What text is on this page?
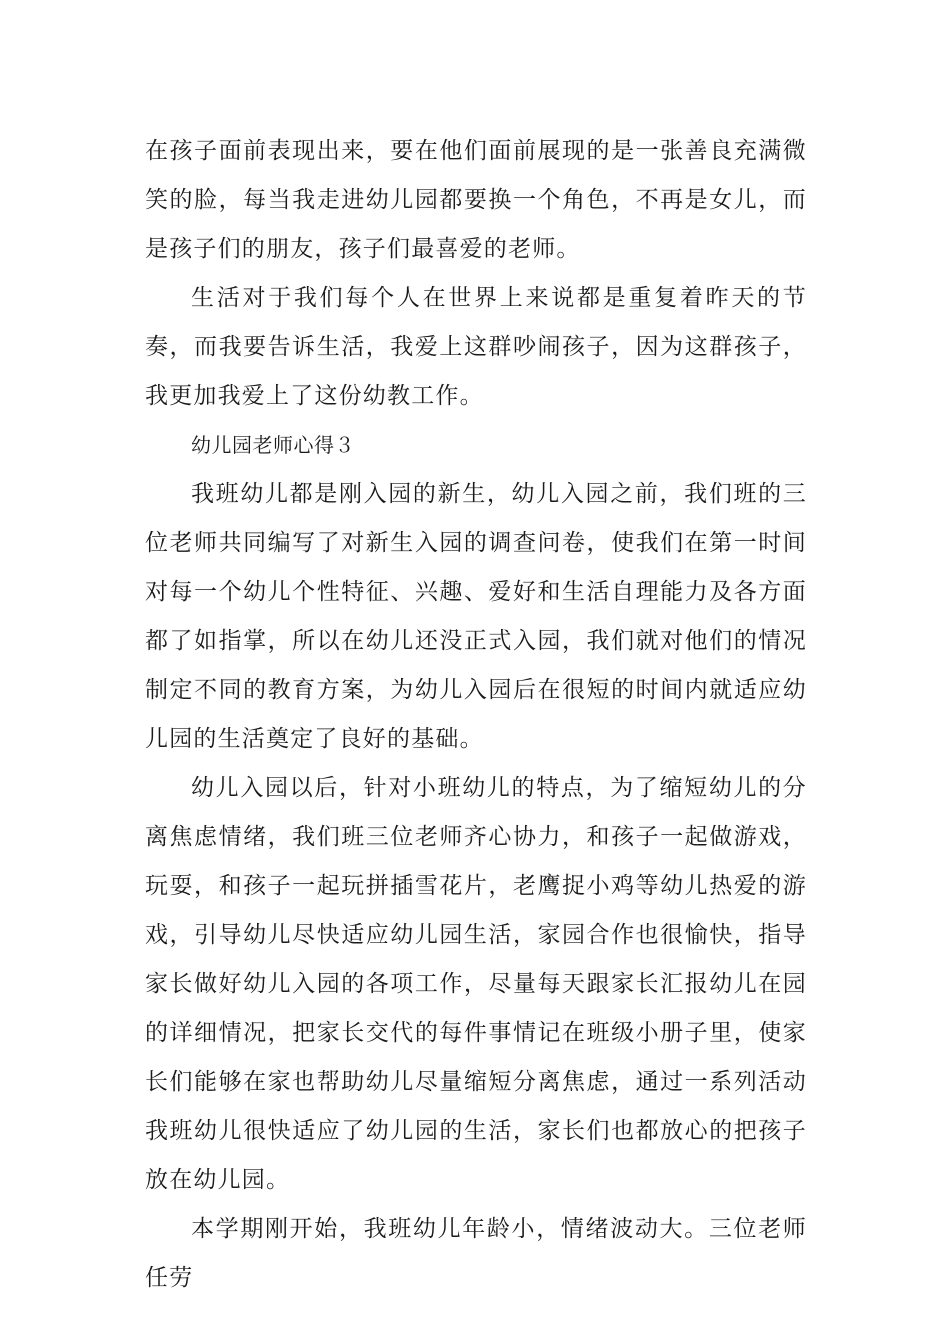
在孩子面前表现出来，要在他们面前展现的是一张善良充满微笑的脸，每当我走进幼儿园都要换一个角色，不再是女儿，而是孩子们的朋友，孩子们最喜爱的老师。

生活对于我们每个人在世界上来说都是重复着昨天的节奏，而我要告诉生活，我爱上这群吵闹孩子，因为这群孩子，我更加我爱上了这份幼教工作。

幼儿园老师心得３

我班幼儿都是刚入园的新生，幼儿入园之前，我们班的三位老师共同编写了对新生入园的调查问卷，使我们在第一时间对每一个幼儿个性特征、兴趣、爱好和生活自理能力及各方面都了如指掌，所以在幼儿还没正式入园，我们就对他们的情况制定不同的教育方案，为幼儿入园后在很短的时间内就适应幼儿园的生活奠定了良好的基础。

幼儿入园以后，针对小班幼儿的特点，为了缩短幼儿的分离焦虑情绪，我们班三位老师齐心协力，和孩子一起做游戏，玩耍，和孩子一起玩拼插雪花片，老鹰捉小鸡等幼儿热爱的游戏，引导幼儿尽快适应幼儿园生活，家园合作也很愉快，指导家长做好幼儿入园的各项工作，尽量每天跟家长汇报幼儿在园的详细情况，把家长交代的每件事情记在班级小册子里，使家长们能够在家也帮助幼儿尽量缩短分离焦虑，通过一系列活动我班幼儿很快适应了幼儿园的生活，家长们也都放心的把孩子放在幼儿园。

本学期刚开始，我班幼儿年龄小，情绪波动大。三位老师任劳
